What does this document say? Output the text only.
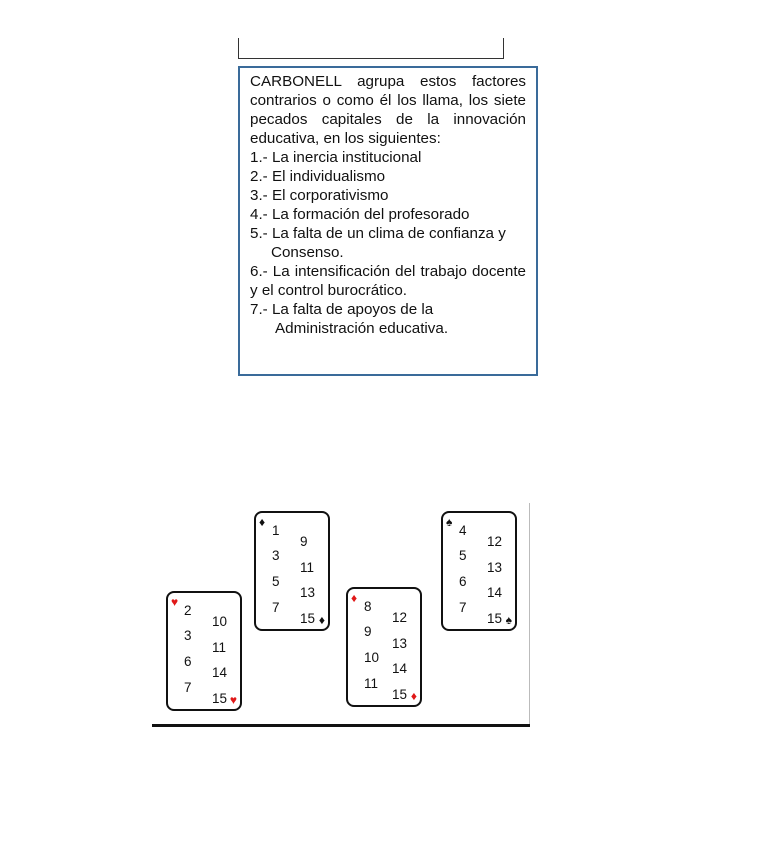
CARBONELL agrupa estos factores contrarios o como él los llama, los siete pecados capitales de la innovación educativa, en los siguientes:
1.- La inercia institucional
2.- El individualismo
3.- El corporativismo
4.- La formación del profesorado
5.- La falta de un clima de confianza y
Consenso.
6.- La intensificación del trabajo docente y el control burocrático.
7.- La falta de apoyos de la
Administración educativa.
♥
♥
2
3
6
7
10
11
14
15
♦
♦
1
3
5
7
9
11
13
15
♦
♦
8
9
10
11
12
13
14
15
♠
♠
4
5
6
7
12
13
14
15
